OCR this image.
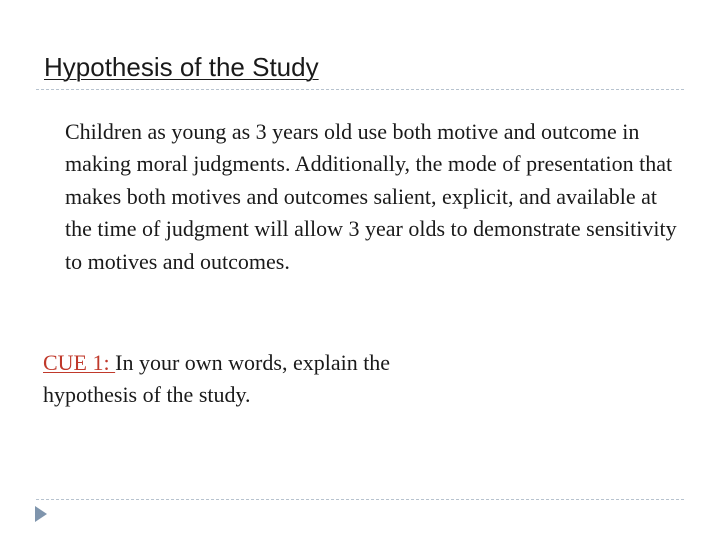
Hypothesis of the Study
Children as young as 3 years old use both motive and outcome in making moral judgments. Additionally, the mode of presentation that makes both motives and outcomes salient, explicit, and available at the time of judgment will allow 3 year olds to demonstrate sensitivity to motives and outcomes.
CUE 1: In your own words, explain the hypothesis of the study.
